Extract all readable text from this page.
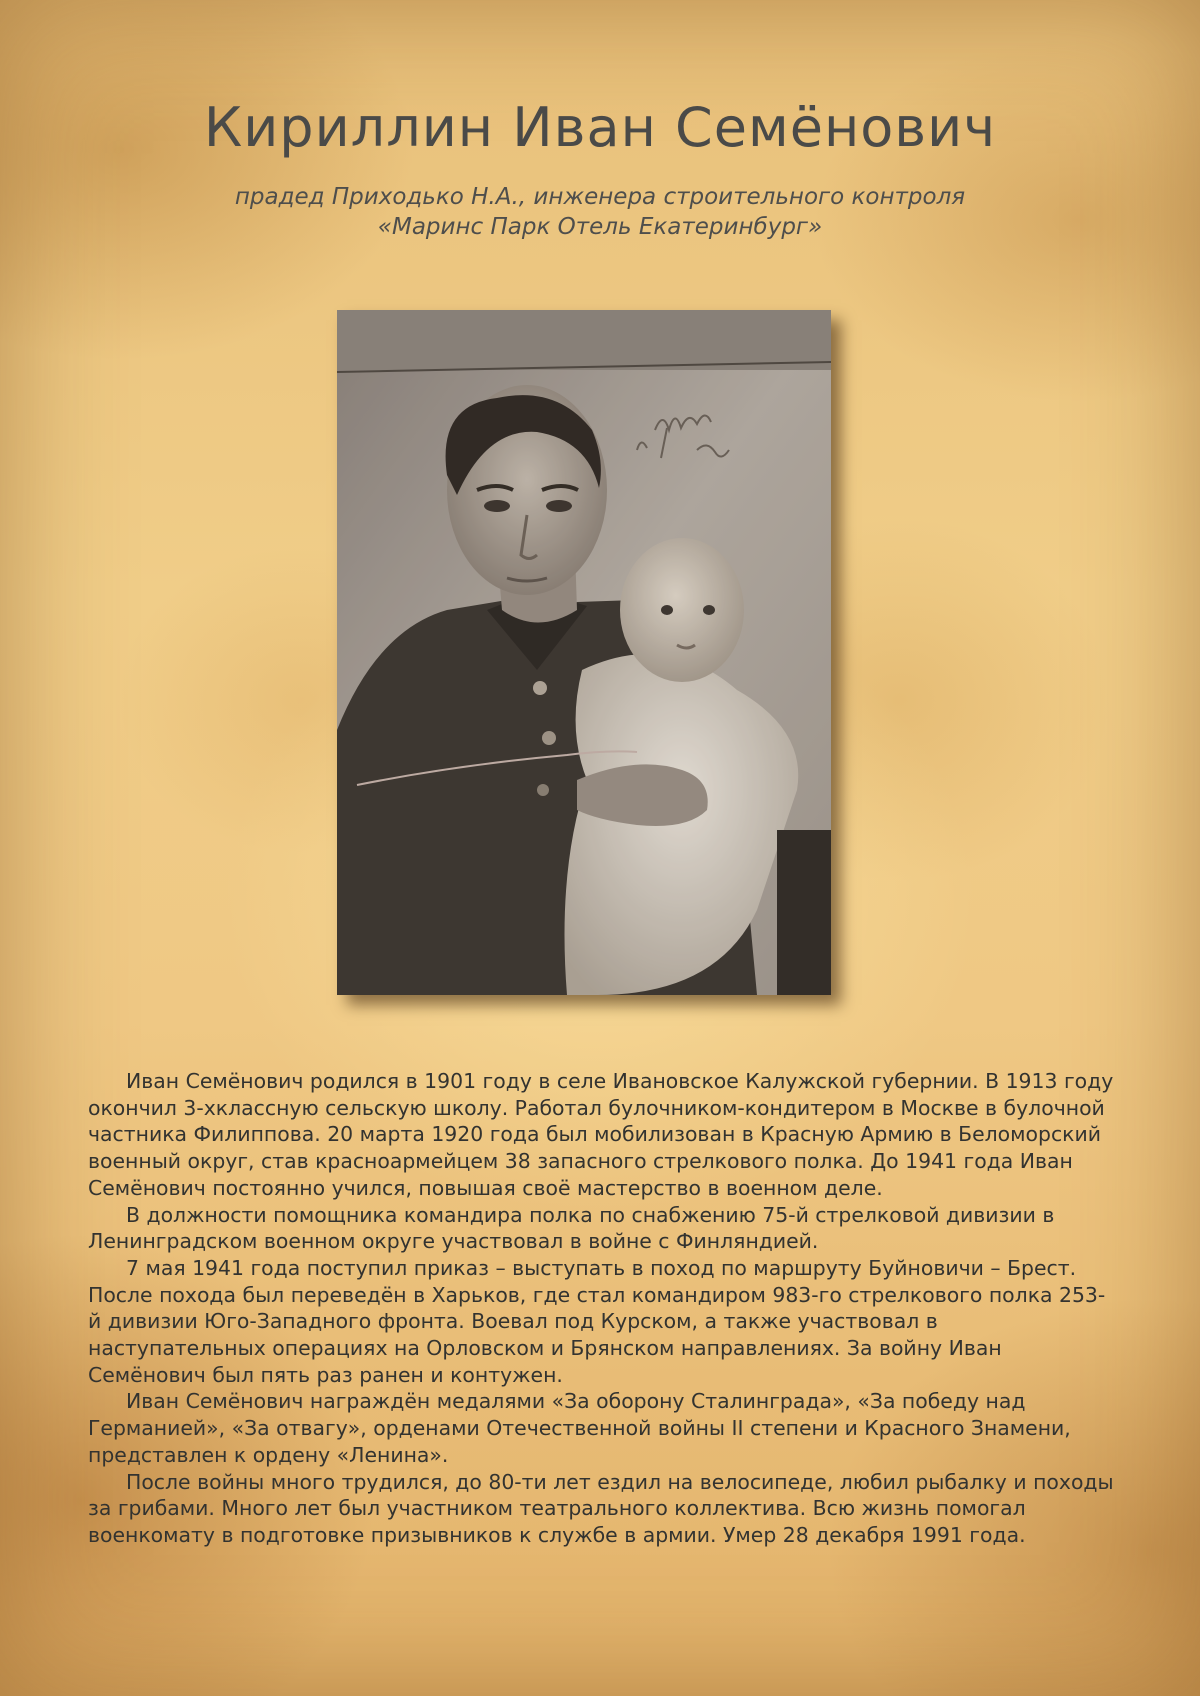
Кириллин Иван Семёнович
прадед Приходько Н.А., инженера строительного контроля
«Маринс Парк Отель Екатеринбург»

Иван Семёнович родился в 1901 году в селе Ивановское Калужской губернии. В 1913 году окончил 3-хклассную сельскую школу. Работал булочником-кондитером в Москве в булочной частника Филиппова. 20 марта 1920 года был мобилизован в Красную Армию в Беломорский военный округ, став красноармейцем 38 запасного стрелкового полка. До 1941 года Иван Семёнович постоянно учился, повышая своё мастерство в военном деле.

В должности помощника командира полка по снабжению 75-й стрелковой дивизии в Ленинградском военном округе участвовал в войне с Финляндией.

7 мая 1941 года поступил приказ – выступать в поход по маршруту Буйновичи – Брест. После похода был переведён в Харьков, где стал командиром 983-го стрелкового полка 253-й дивизии Юго-Западного фронта. Воевал под Курском, а также участвовал в наступательных операциях на Орловском и Брянском направлениях. За войну Иван Семёнович был пять раз ранен и контужен.

Иван Семёнович награждён медалями «За оборону Сталинграда», «За победу над Германией», «За отвагу», орденами Отечественной войны II степени и Красного Знамени, представлен к ордену «Ленина».

После войны много трудился, до 80-ти лет ездил на велосипеде, любил рыбалку и походы за грибами. Много лет был участником театрального коллектива. Всю жизнь помогал военкомату в подготовке призывников к службе в армии. Умер 28 декабря 1991 года.
